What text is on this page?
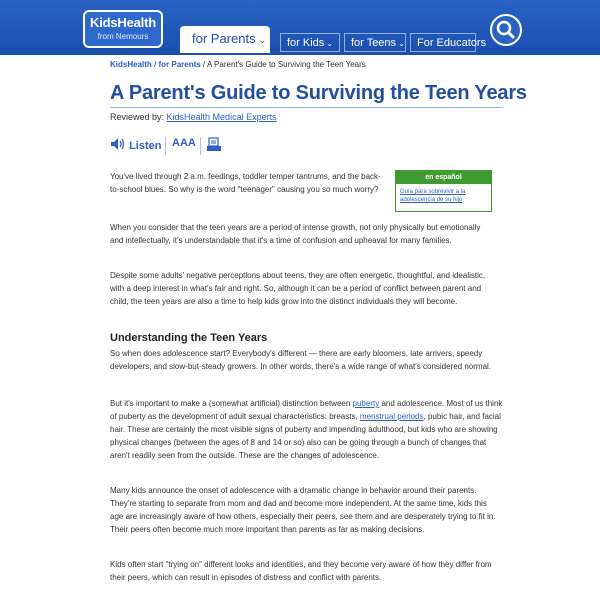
KidsHealth
from Nemours	for Parents ⌄	for Kids ⌄	for Teens ⌄	For Educators
KidsHealth / for Parents / A Parent's Guide to Surviving the Teen Years
A Parent's Guide to Surviving the Teen Years
Reviewed by: KidsHealth Medical Experts
Listen AAA
en español
Guía para sobrevivir a la adolescencia de su hijo

You've lived through 2 a.m. feedings, toddler temper tantrums, and the back-to-school blues. So why is the word "teenager" causing you so much worry?

When you consider that the teen years are a period of intense growth, not only physically but emotionally and intellectually, it's understandable that it's a time of confusion and upheaval for many families.

Despite some adults' negative perceptions about teens, they are often energetic, thoughtful, and idealistic, with a deep interest in what's fair and right. So, although it can be a period of conflict between parent and child, the teen years are also a time to help kids grow into the distinct individuals they will become.

Understanding the Teen Years

So when does adolescence start? Everybody's different — there are early bloomers, late arrivers, speedy developers, and slow-but-steady growers. In other words, there's a wide range of what's considered normal.

But it's important to make a (somewhat artificial) distinction between puberty and adolescence. Most of us think of puberty as the development of adult sexual characteristics: breasts, menstrual periods, pubic hair, and facial hair. These are certainly the most visible signs of puberty and impending adulthood, but kids who are showing physical changes (between the ages of 8 and 14 or so) also can be going through a bunch of changes that aren't readily seen from the outside. These are the changes of adolescence.

Many kids announce the onset of adolescence with a dramatic change in behavior around their parents. They're starting to separate from mom and dad and become more independent. At the same time, kids this age are increasingly aware of how others, especially their peers, see them and are desperately trying to fit in. Their peers often become much more important than parents as far as making decisions.

Kids often start "trying on" different looks and identities, and they become very aware of how they differ from their peers, which can result in episodes of distress and conflict with parents.
